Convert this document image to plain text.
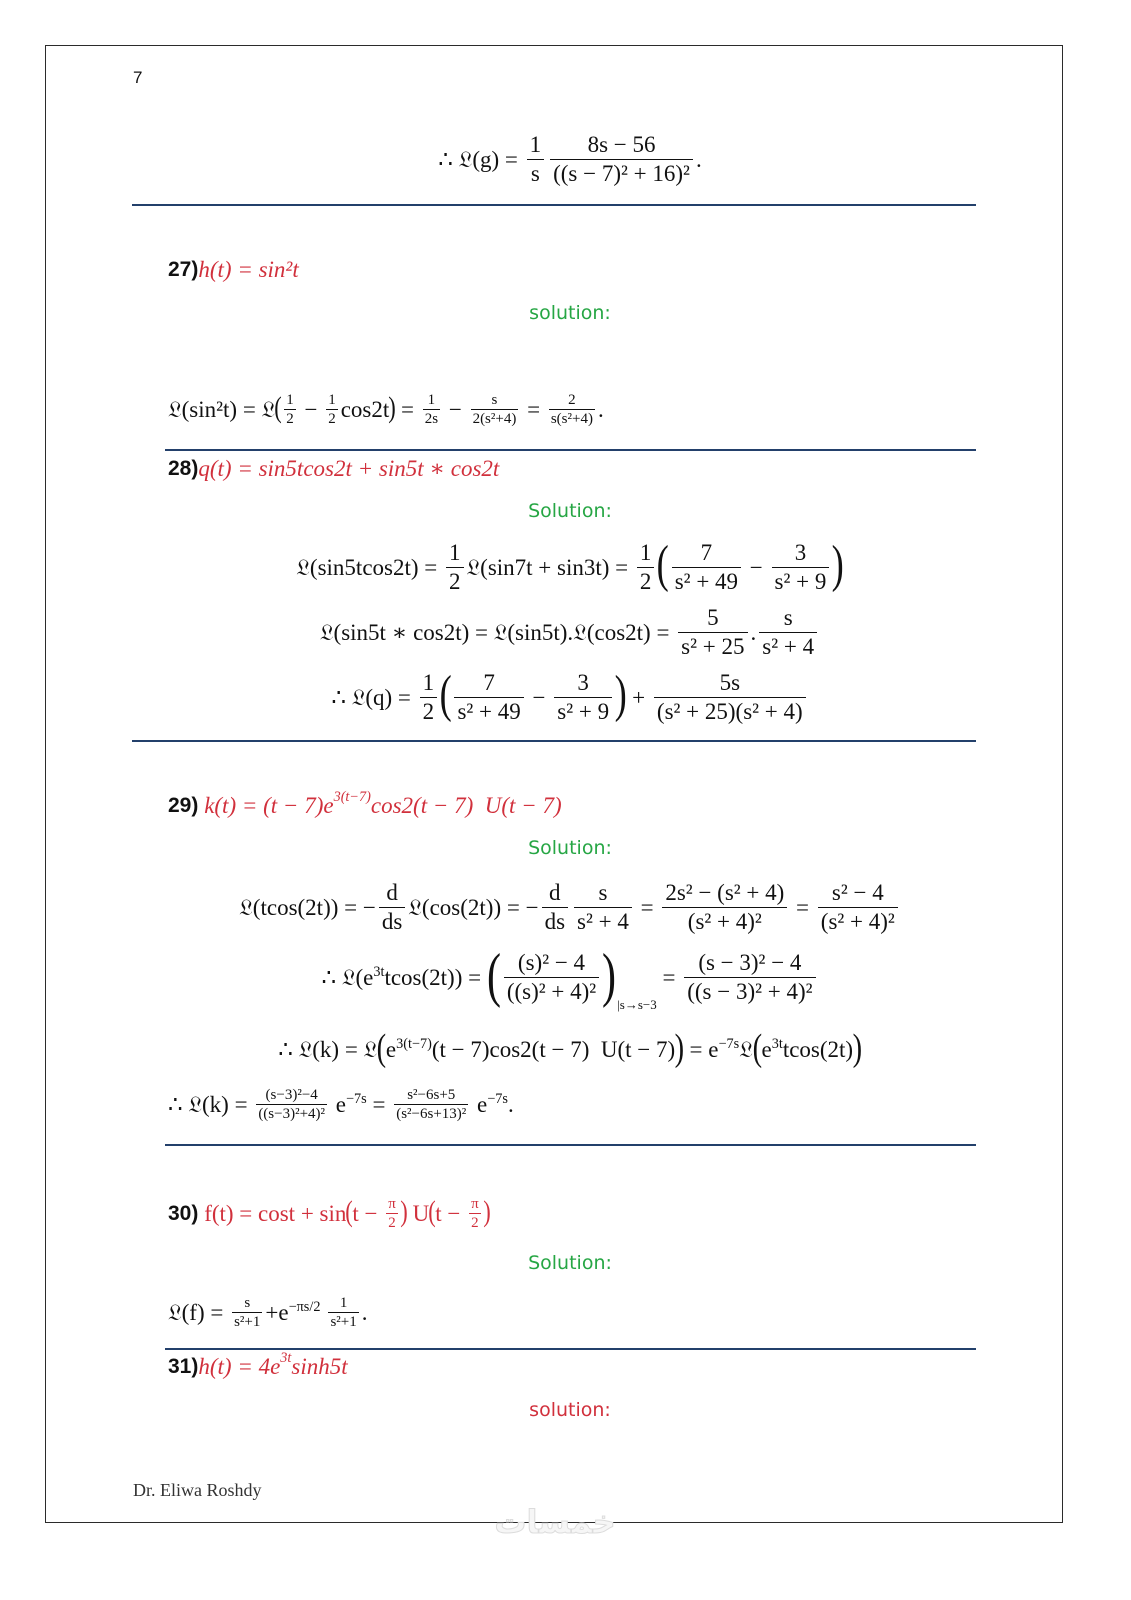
7
∴ 𝔏(g) = $\frac{1}{s} \frac{8s - 56}{\text{((s − 7)² + 16)²}}$ .
27) h(t) = sin²t
solution:
𝔏(sin²t) = 𝔏 ( $\frac{1}{2} - \frac{1}{2} \cos 2t$ ) = $\frac{1}{2s} - \frac{s}{\text{2(s²+4)}} = \frac{2}{\text{s(s²+4)}}$ .
28) q(t) = sin5tcos2t + sin5t ∗ cos2t
Solution:
𝔏(sin5tcos2t) = $\frac{1}{2}$ 𝔏(sin7t + $\sin 3t) = \frac{1}{2}$ ( $\frac{7}{\text{s² + 49}} - \frac{3}{\text{s² + 9}}$ )
𝔏(sin5t ∗ cos2t) = 𝔏(sin5t).𝔏(cos2t) = $\frac{5}{\text{s² + 25}}$ . $\frac{s}{\text{s² + 4}}$
∴ 𝔏(q) = $\frac{1}{2}$ ( $\frac{7}{\text{s² + 49}} - \frac{3}{\text{s² + 9}}$ ) + $\frac{5s}{\text{(s² + 25)(s² + 4)}}$
29) k(t) = (t − 7)e 3(t−7) cos2(t − 7)  U(t − 7)
Solution:
𝔏(tcos(2t)) = − $\frac{d}{ds}$ 𝔏(cos(2t)) = − $\frac{d}{ds} \frac{s}{\text{s² + 4}} = \frac{\text{2s² − (s² + 4)}}{\text{(s² + 4)²}} = \frac{\text{s² − 4}}{\text{(s² + 4)²}}$
∴ $𝔏(e^{3t}tcos(2t))$ = ( $\frac{\text{(s)² − 4}}{\text{((s)² + 4)²}}$ ) |s→s−3
= $\frac{\text{(s − 3)² − 4}}{\text{((s − 3)² + 4)²}}$
∴ 𝔏(k) = 𝔏 ( $e^{3(t-7)}(t - 7)\cos 2(t - 7) U(t - 7)$ ) = $e^{-7s}𝔏$ ( $e^{3t}tcos(2t)$ )
∴ 𝔏(k) = $\frac{\text{(s−3)²−4}}{\text{((s−3)²+4)²}} e^{-7s} = \frac{\text{s²−6s+5}}{\text{(s²−6s+13)²}} e^{-7s}$.
30) f(t) = cost + sin ( $t - \frac{\pi}{2}$ ) U ( $t - \frac{\pi}{2}$ )
Solution:
𝔏(f) = $\frac{s}{\text{s²+1}} +e^{-\pi s/2} \frac{1}{\text{s²+1}}$ .
31) h(t) = 4e 3t sinh5t
solution:
Dr. Eliwa Roshdy
خمسات
